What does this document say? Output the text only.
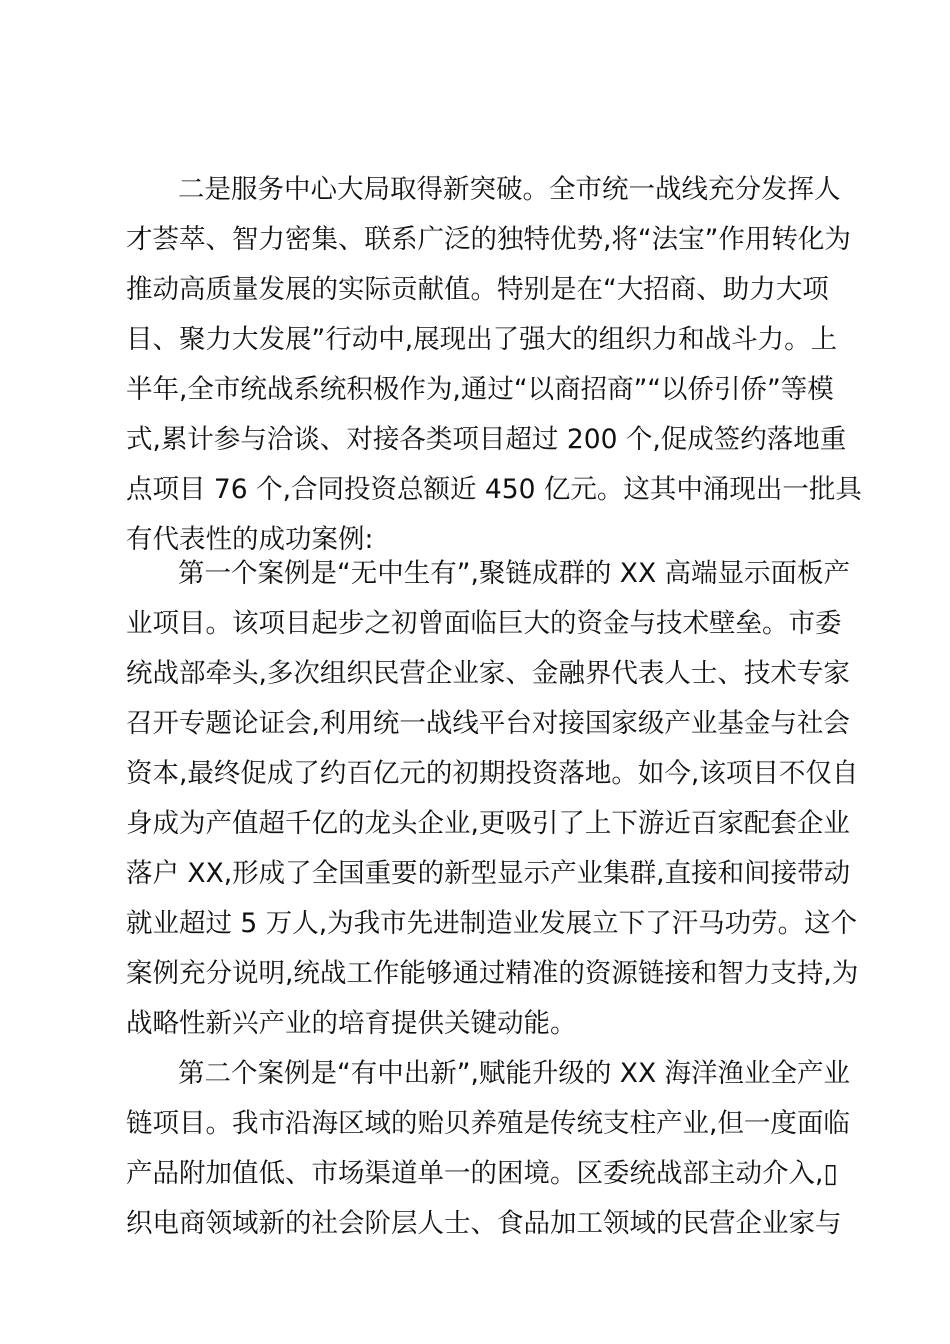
二是服务中心大局取得新突破。全市统一战线充分发挥人
才荟萃、智力密集、联系广泛的独特优势,将“法宝”作用转化为
推动高质量发展的实际贡献值。特别是在“大招商、助力大项
目、聚力大发展”行动中,展现出了强大的组织力和战斗力。上
半年,全市统战系统积极作为,通过“以商招商”“以侨引侨”等模
式,累计参与洽谈、对接各类项目超过 200 个,促成签约落地重
点项目 76 个,合同投资总额近 450 亿元。这其中涌现出一批具
有代表性的成功案例:
第一个案例是“无中生有”,聚链成群的 XX 高端显示面板产
业项目。该项目起步之初曾面临巨大的资金与技术壁垒。市委
统战部牵头,多次组织民营企业家、金融界代表人士、技术专家
召开专题论证会,利用统一战线平台对接国家级产业基金与社会
资本,最终促成了约百亿元的初期投资落地。如今,该项目不仅自
身成为产值超千亿的龙头企业,更吸引了上下游近百家配套企业
落户 XX,形成了全国重要的新型显示产业集群,直接和间接带动
就业超过 5 万人,为我市先进制造业发展立下了汗马功劳。这个
案例充分说明,统战工作能够通过精准的资源链接和智力支持,为
战略性新兴产业的培育提供关键动能。
第二个案例是“有中出新”,赋能升级的 XX 海洋渔业全产业
链项目。我市沿海区域的贻贝养殖是传统支柱产业,但一度面临
产品附加值低、市场渠道单一的困境。区委统战部主动介入,▯
织电商领域新的社会阶层人士、食品加工领域的民营企业家与
